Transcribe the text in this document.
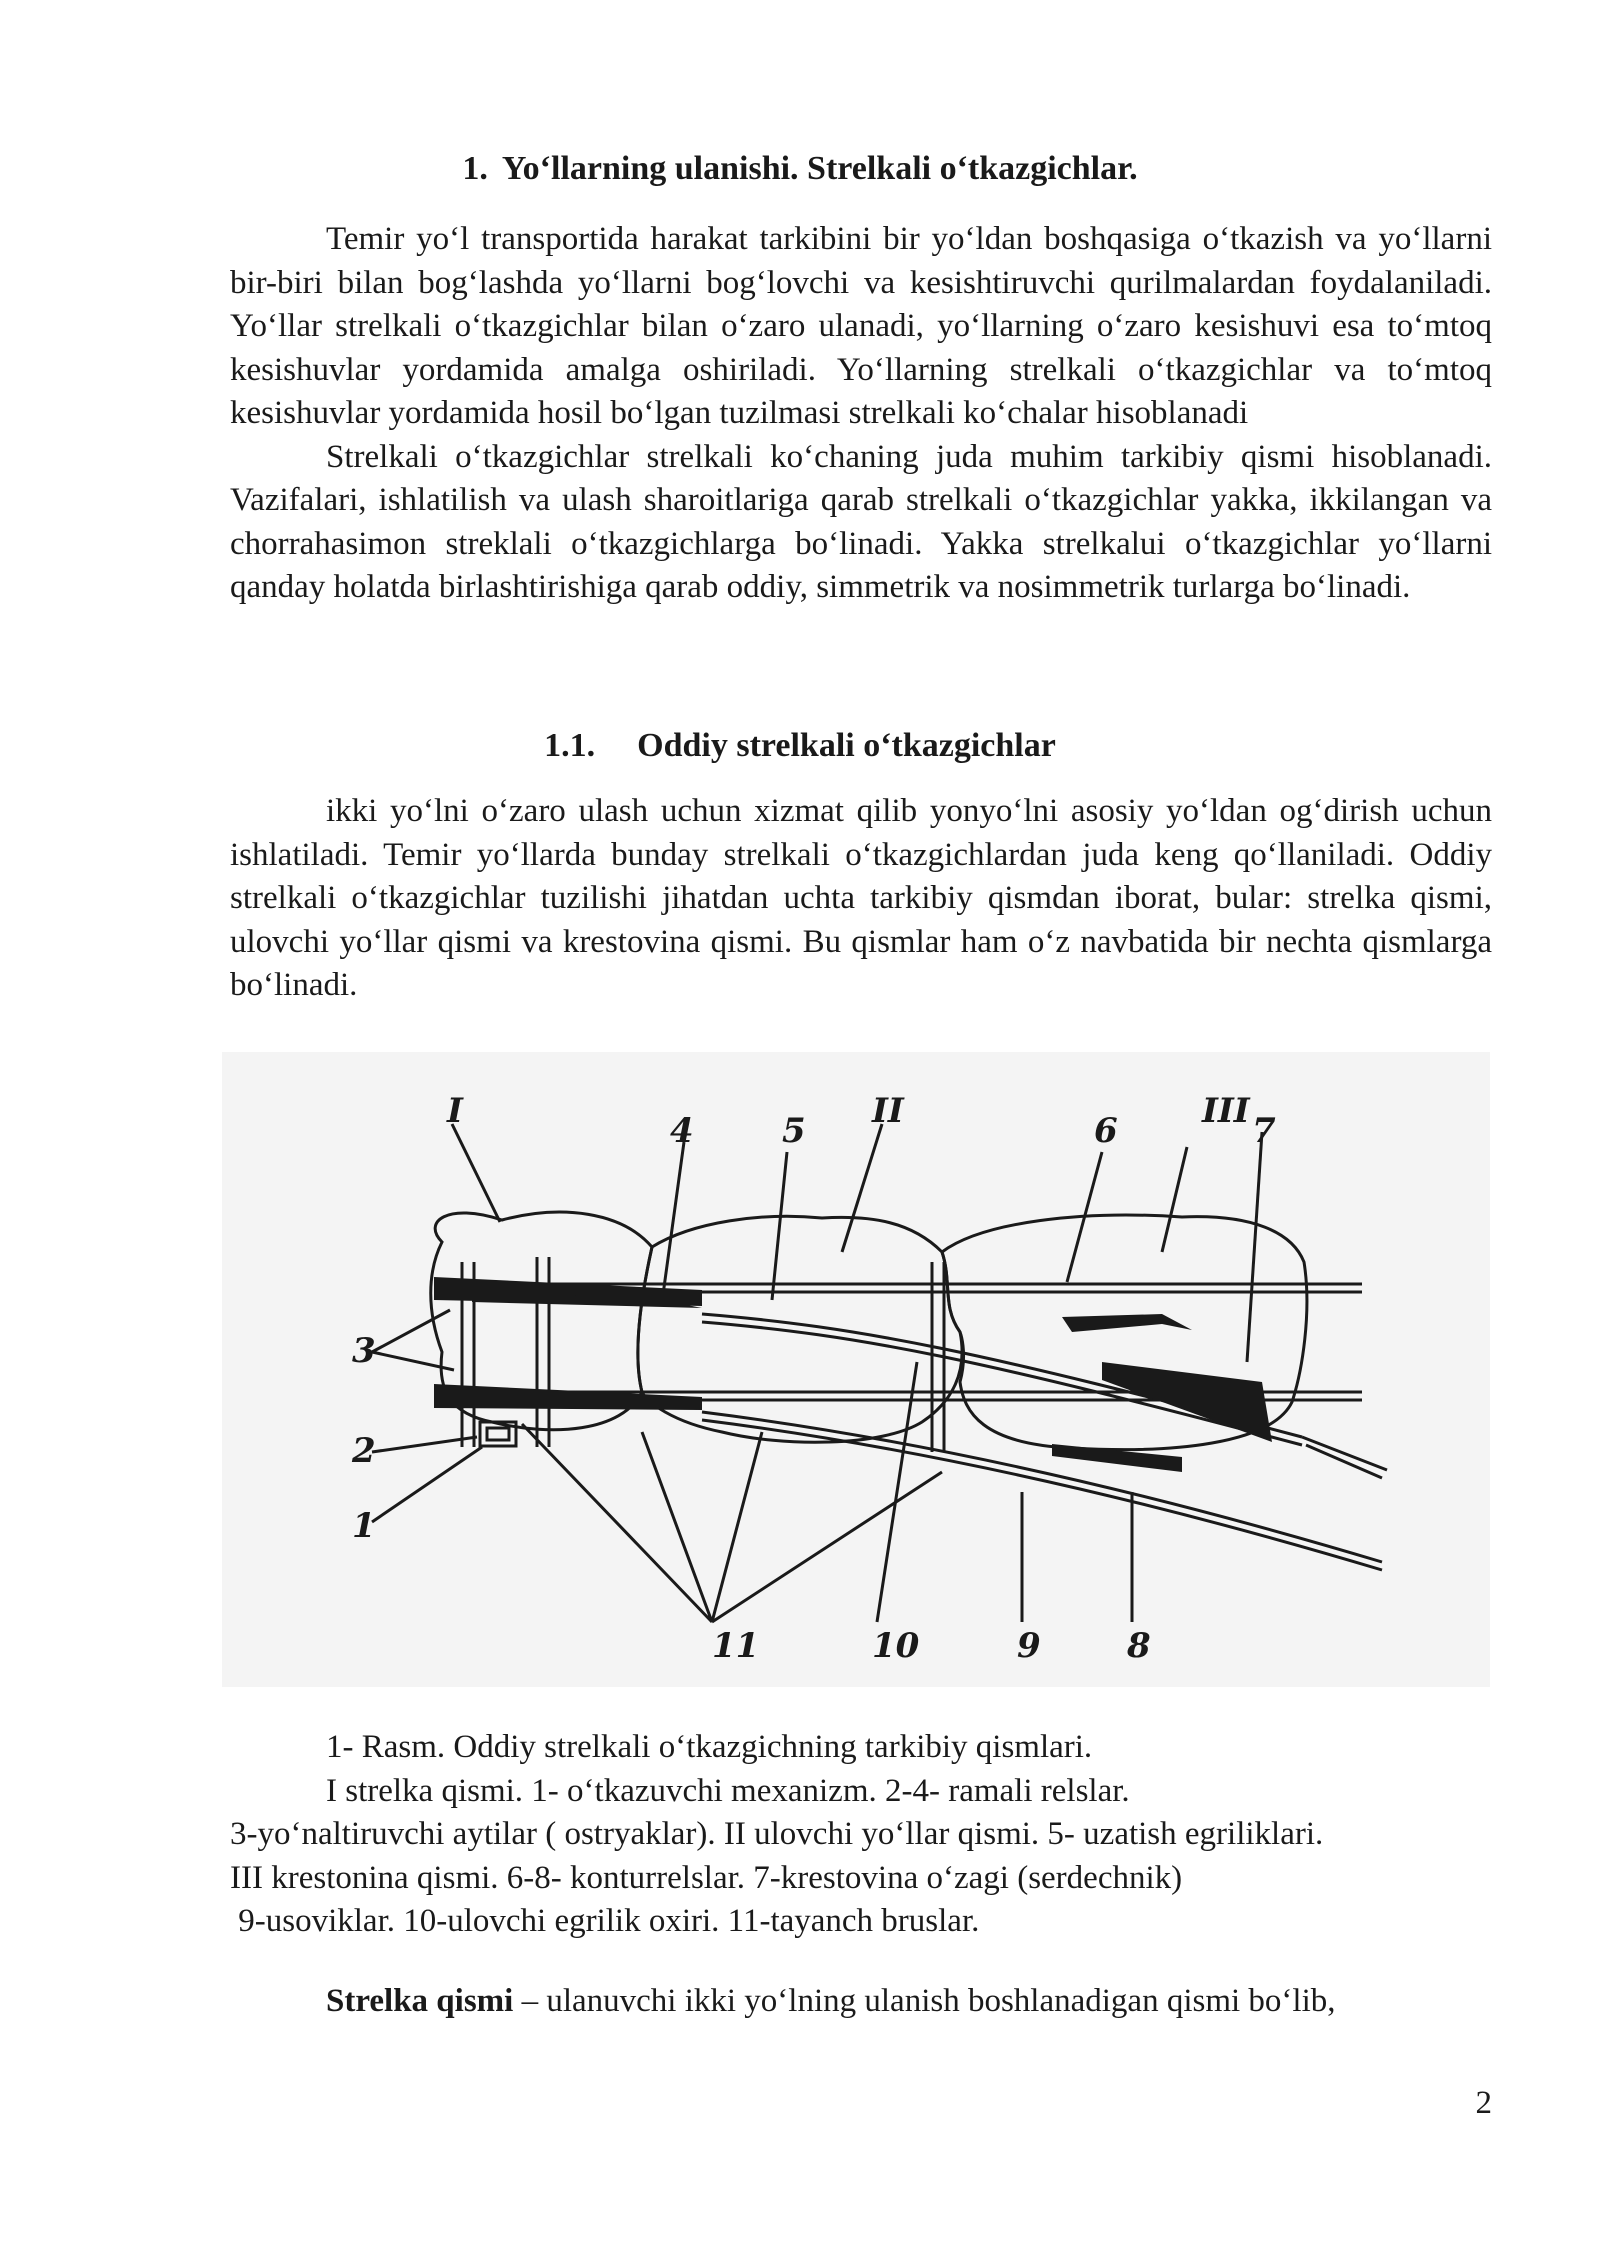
1. Yo‘llarning ulanishi. Strelkali o‘tkazgichlar.

Temir yo‘l transportida harakat tarkibini bir yo‘ldan boshqasiga o‘tkazish va yo‘llarni bir-biri bilan bog‘lashda yo‘llarni bog‘lovchi va kesishtiruvchi qurilmalardan foydalaniladi. Yo‘llar strelkali o‘tkazgichlar bilan o‘zaro ulanadi, yo‘llarning o‘zaro kesishuvi esa to‘mtoq kesishuvlar yordamida amalga oshiriladi. Yo‘llarning strelkali o‘tkazgichlar va to‘mtoq kesishuvlar yordamida hosil bo‘lgan tuzilmasi strelkali ko‘chalar hisoblanadi

Strelkali o‘tkazgichlar strelkali ko‘chaning juda muhim tarkibiy qismi hisoblanadi. Vazifalari, ishlatilish va ulash sharoitlariga qarab strelkali o‘tkazgichlar yakka, ikkilangan va chorrahasimon streklali o‘tkazgichlarga bo‘linadi. Yakka strelkalui o‘tkazgichlar yo‘llarni qanday holatda birlashtirishiga qarab oddiy, simmetrik va nosimmetrik turlarga bo‘linadi.

1.1. Oddiy strelkali o‘tkazgichlar

ikki yo‘lni o‘zaro ulash uchun xizmat qilib yonyo‘lni asosiy yo‘ldan og‘dirish uchun ishlatiladi. Temir yo‘llarda bunday strelkali o‘tkazgichlardan juda keng qo‘llaniladi. Oddiy strelkali o‘tkazgichlar tuzilishi jihatdan uchta tarkibiy qismdan iborat, bular: strelka qismi, ulovchi yo‘llar qismi va krestovina qismi. Bu qismlar ham o‘z navbatida bir nechta qismlarga bo‘linadi.

I	II	III
4	5	6	7
3
2
1
11	10	9	8
1- Rasm. Oddiy strelkali o‘tkazgichning tarkibiy qismlari.
I strelka qismi. 1- o‘tkazuvchi mexanizm. 2-4- ramali relslar.
3-yo‘naltiruvchi aytilar ( ostryaklar). II ulovchi yo‘llar qismi. 5- uzatish egriliklari.
III krestonina qismi. 6-8- konturrelslar. 7-krestovina o‘zagi (serdechnik)
9-usoviklar. 10-ulovchi egrilik oxiri. 11-tayanch bruslar.

Strelka qismi – ulanuvchi ikki yo‘lning ulanish boshlanadigan qismi bo‘lib,

2
